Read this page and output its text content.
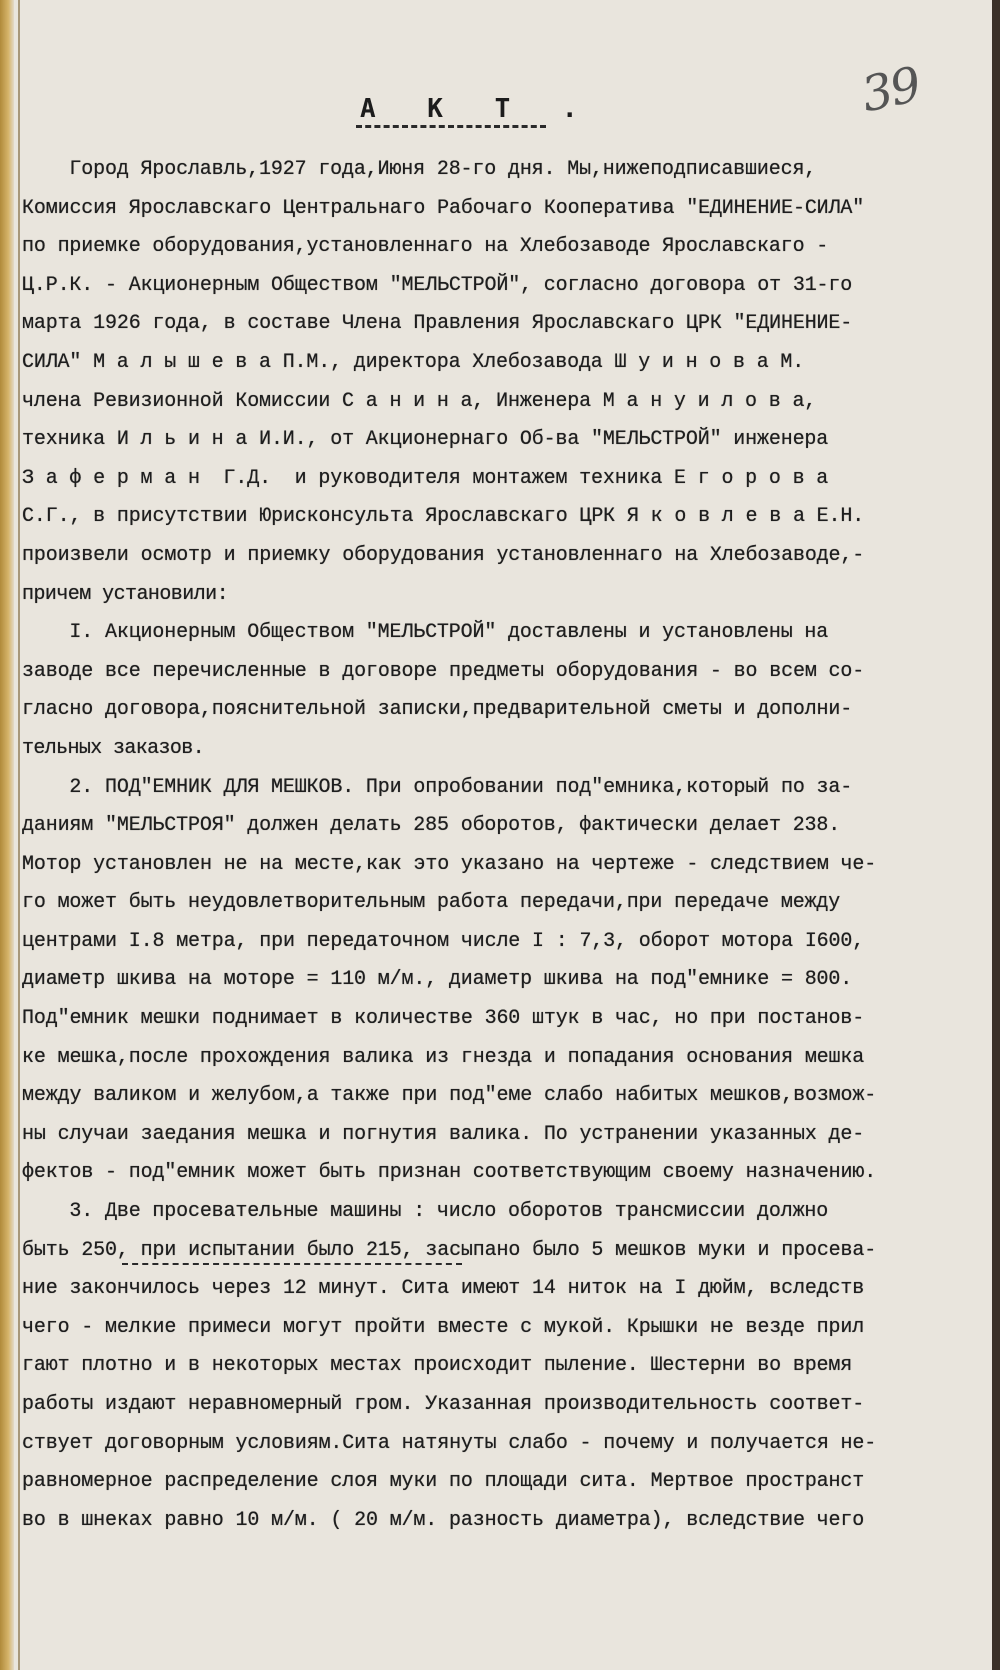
39
А К Т .
Город Ярославль,1927 года,Июня 28-го дня. Мы,нижеподписавшиеся,
Комиссия Ярославскаго Центральнаго Рабочаго Кооператива "ЕДИНЕНИЕ-СИЛА"
по приемке оборудования,установленнаго на Хлебозаводе Ярославскаго -
Ц.Р.К. - Акционерным Обществом "МЕЛЬСТРОЙ", согласно договора от 31-го
марта 1926 года, в составе Члена Правления Ярославскаго ЦРК "ЕДИНЕНИЕ-
СИЛА" М а л ы ш е в а П.М., директора Хлебозавода Ш у и н о в а М.
члена Ревизионной Комиссии С а н и н а, Инженера М а н у и л о в а,
техника И л ь и н а И.И., от Акционернаго Об-ва "МЕЛЬСТРОЙ" инженера
З а ф е р м а н  Г.Д.  и руководителя монтажем техника Е г о р о в а
С.Г., в присутствии Юрисконсульта Ярославскаго ЦРК Я к о в л е в а Е.Н.
произвели осмотр и приемку оборудования установленнаго на Хлебозаводе,-
причем установили:
I. Акционерным Обществом "МЕЛЬСТРОЙ" доставлены и установлены на
заводе все перечисленные в договоре предметы оборудования - во всем со-
гласно договора,пояснительной записки,предварительной сметы и дополни-
тельных заказов.
2. ПОД"ЕМНИК ДЛЯ МЕШКОВ. При опробовании под"емника,который по за-
даниям "МЕЛЬСТРОЯ" должен делать 285 оборотов, фактически делает 238.
Мотор установлен не на месте,как это указано на чертеже - следствием че-
го может быть неудовлетворительным работа передачи,при передаче между
центрами I.8 метра, при передаточном числе I : 7,3, оборот мотора I600,
диаметр шкива на моторе = 110 м/м., диаметр шкива на под"емнике = 800.
Под"емник мешки поднимает в количестве 360 штук в час, но при постанов-
ке мешка,после прохождения валика из гнезда и попадания основания мешка
между валиком и желубом,а также при под"еме слабо набитых мешков,возмож-
ны случаи заедания мешка и погнутия валика. По устранении указанных де-
фектов - под"емник может быть признан соответствующим своему назначению.
3. Две просевательные машины : число оборотов трансмиссии должно
быть 250, при испытании было 215, засыпано было 5 мешков муки и просева-
ние закончилось через 12 минут. Сита имеют 14 ниток на I дюйм, вследств
чего - мелкие примеси могут пройти вместе с мукой. Крышки не везде прил
гают плотно и в некоторых местах происходит пыление. Шестерни во время
работы издают неравномерный гром. Указанная производительность соответ-
ствует договорным условиям.Сита натянуты слабо - почему и получается не-
равномерное распределение слоя муки по площади сита. Мертвое пространст
во в шнеках равно 10 м/м. ( 20 м/м. разность диаметра), вследствие чего
